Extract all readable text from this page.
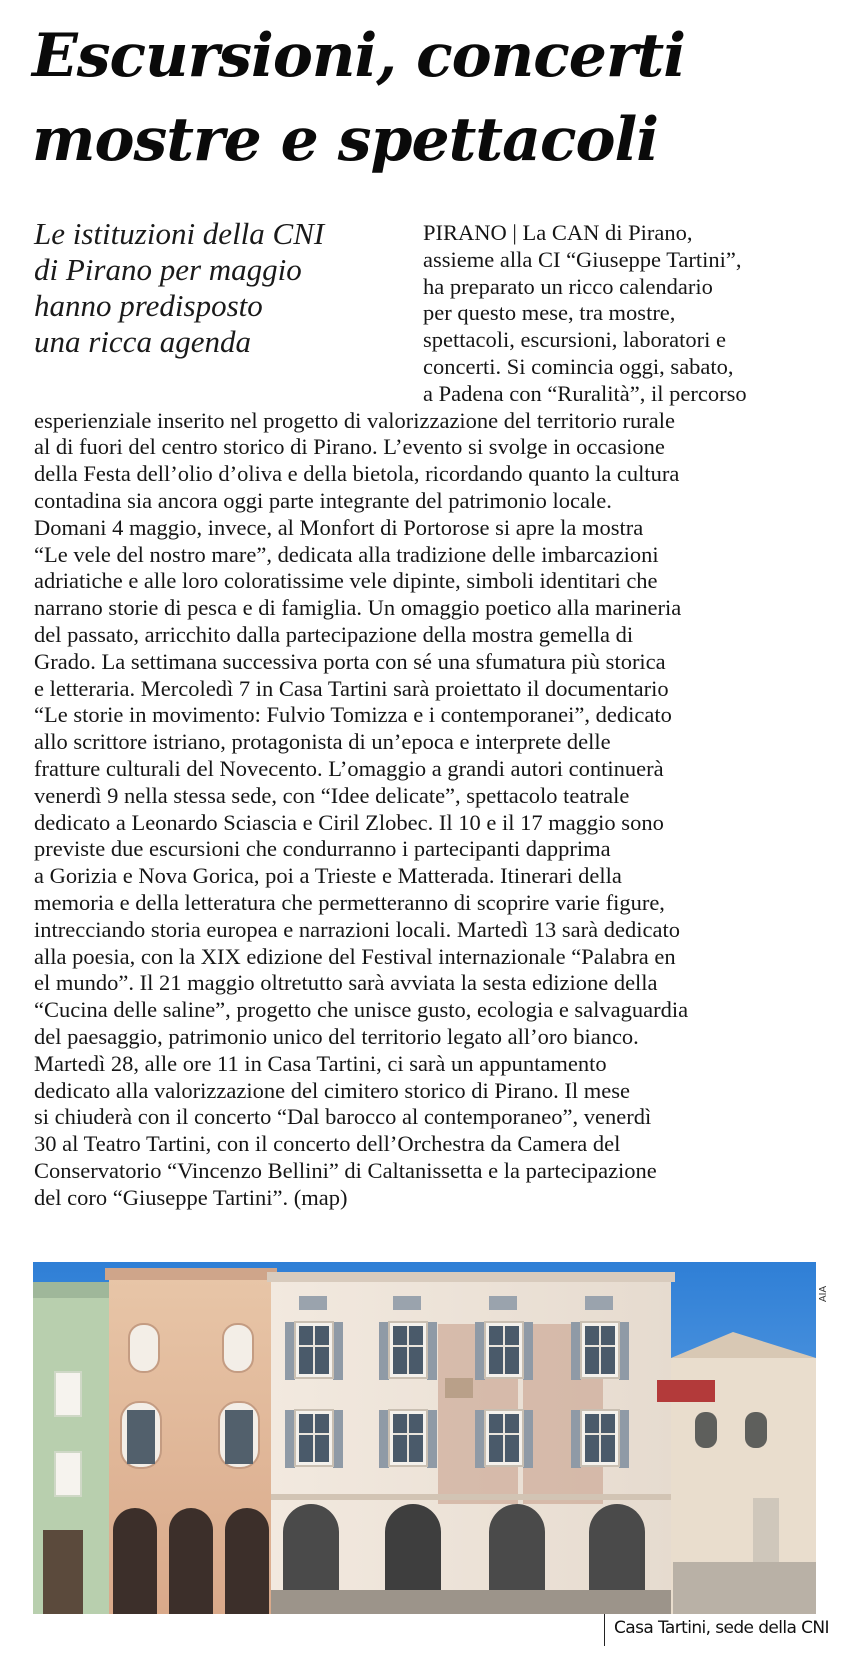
Escursioni, concerti
mostre e spettacoli
Le istituzioni della CNI
di Pirano per maggio
hanno predisposto
una ricca agenda
PIRANO | La CAN di Pirano,
assieme alla CI “Giuseppe Tartini”,
ha preparato un ricco calendario
per questo mese, tra mostre,
spettacoli, escursioni, laboratori e
concerti. Si comincia oggi, sabato,
a Padena con “Ruralità”, il percorso
esperienziale inserito nel progetto di valorizzazione del territorio rurale
al di fuori del centro storico di Pirano. L’evento si svolge in occasione
della Festa dell’olio d’oliva e della bietola, ricordando quanto la cultura
contadina sia ancora oggi parte integrante del patrimonio locale.
Domani 4 maggio, invece, al Monfort di Portorose si apre la mostra
“Le vele del nostro mare”, dedicata alla tradizione delle imbarcazioni
adriatiche e alle loro coloratissime vele dipinte, simboli identitari che
narrano storie di pesca e di famiglia. Un omaggio poetico alla marineria
del passato, arricchito dalla partecipazione della mostra gemella di
Grado. La settimana successiva porta con sé una sfumatura più storica
e letteraria. Mercoledì 7 in Casa Tartini sarà proiettato il documentario
“Le storie in movimento: Fulvio Tomizza e i contemporanei”, dedicato
allo scrittore istriano, protagonista di un’epoca e interprete delle
fratture culturali del Novecento. L’omaggio a grandi autori continuerà
venerdì 9 nella stessa sede, con “Idee delicate”, spettacolo teatrale
dedicato a Leonardo Sciascia e Ciril Zlobec. Il 10 e il 17 maggio sono
previste due escursioni che condurranno i partecipanti dapprima
a Gorizia e Nova Gorica, poi a Trieste e Matterada. Itinerari della
memoria e della letteratura che permetteranno di scoprire varie figure,
intrecciando storia europea e narrazioni locali. Martedì 13 sarà dedicato
alla poesia, con la XIX edizione del Festival internazionale “Palabra en
el mundo”. Il 21 maggio oltretutto sarà avviata la sesta edizione della
“Cucina delle saline”, progetto che unisce gusto, ecologia e salvaguardia
del paesaggio, patrimonio unico del territorio legato all’oro bianco.
Martedì 28, alle ore 11 in Casa Tartini, ci sarà un appuntamento
dedicato alla valorizzazione del cimitero storico di Pirano. Il mese
si chiuderà con il concerto “Dal barocco al contemporaneo”, venerdì
30 al Teatro Tartini, con il concerto dell’Orchestra da Camera del
Conservatorio “Vincenzo Bellini” di Caltanissetta e la partecipazione
del coro “Giuseppe Tartini”. (map)
AIA
Casa Tartini, sede della CNI
